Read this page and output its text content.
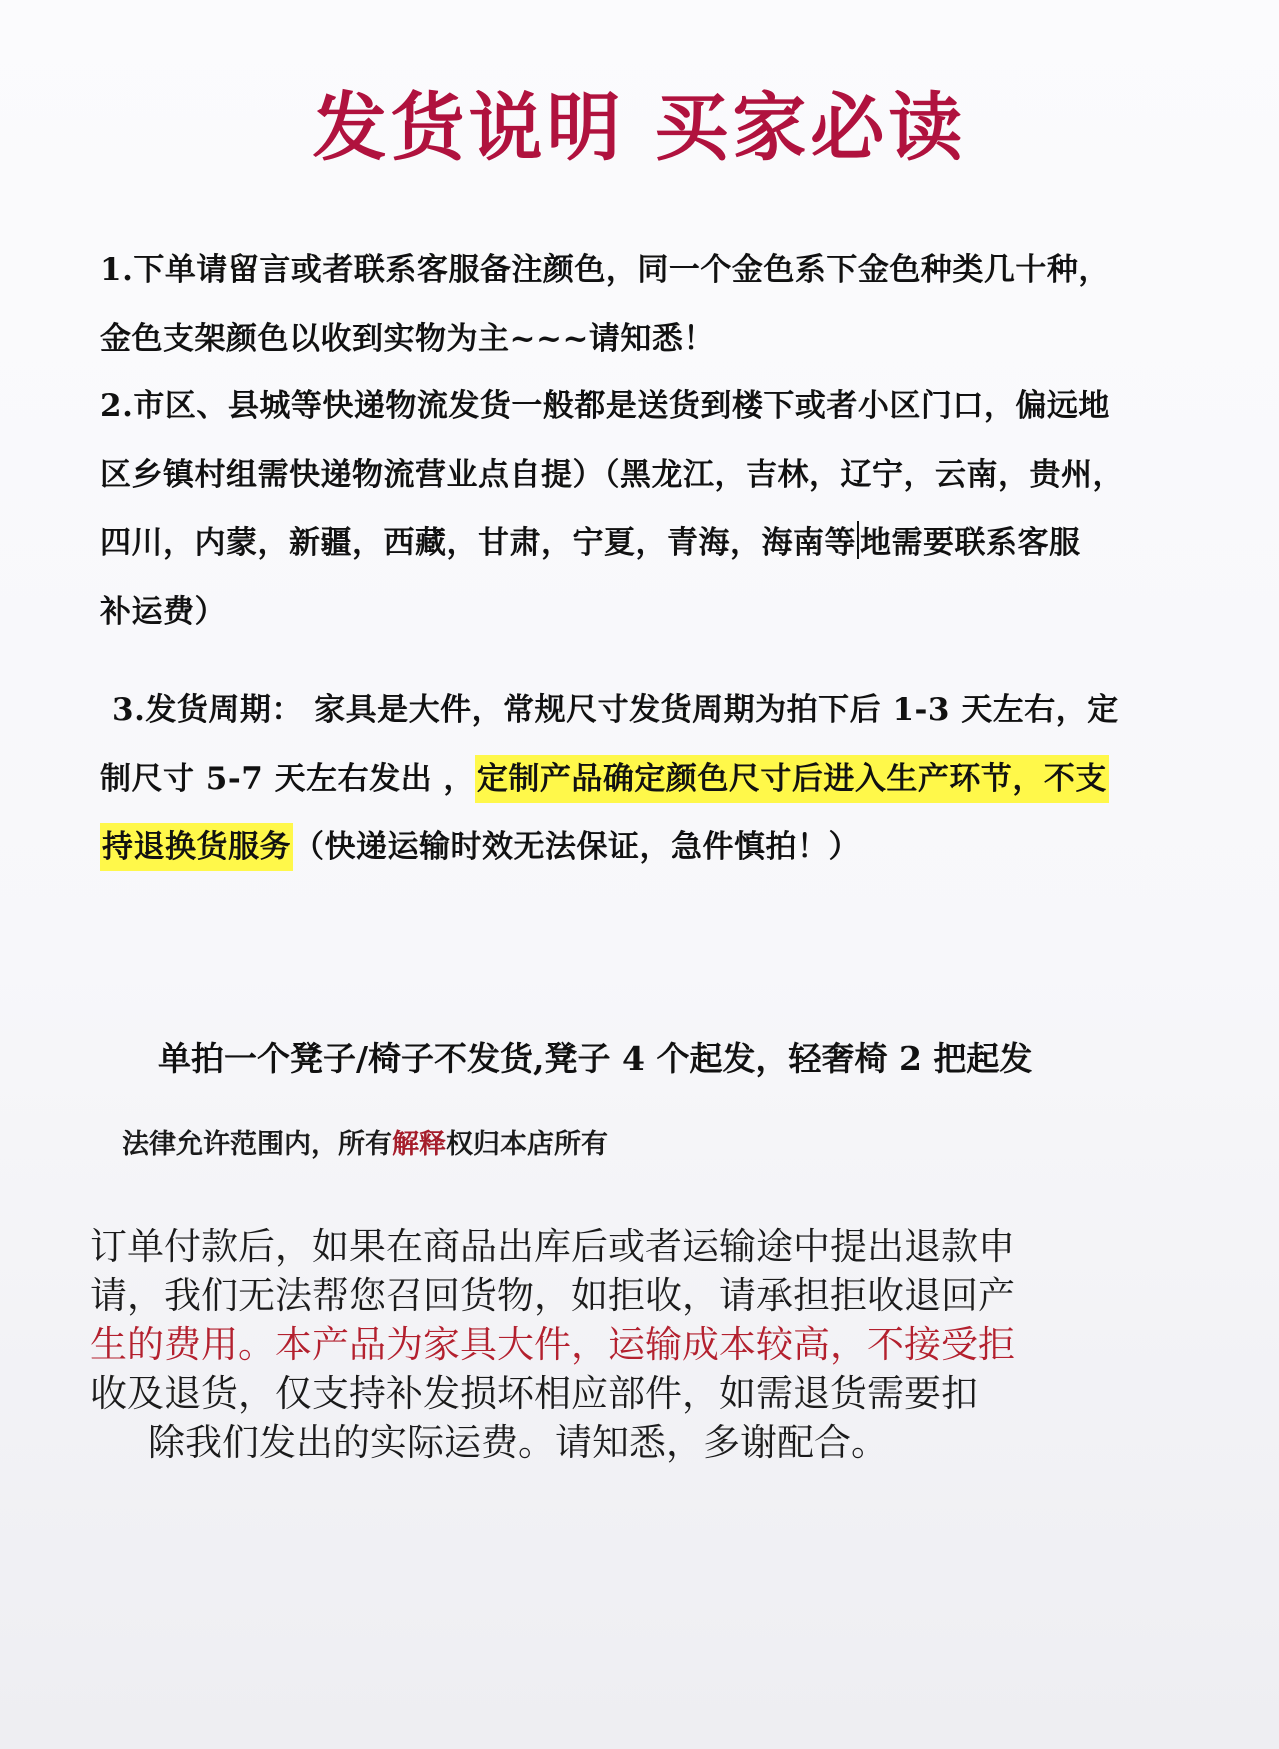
发货说明 买家必读

1.下单请留言或者联系客服备注颜色，同一个金色系下金色种类几十种，

金色支架颜色以收到实物为主~~~请知悉！

2.市区、县城等快递物流发货一般都是送货到楼下或者小区门口，偏远地

区乡镇村组需快递物流营业点自提）（黑龙江，吉林，辽宁，云南，贵州，

四川，内蒙，新疆，西藏，甘肃，宁夏，青海，海南等 地需要联系客服

补运费）

3.发货周期： 家具是大件，常规尺寸发货周期为拍下后 1-3 天左右，定

制尺寸 5-7 天左右发出 ，定制产品确定颜色尺寸后进入生产环节，不支

持退换货服务（快递运输时效无法保证，急件慎拍！）

单拍一个凳子/椅子不发货,凳子 4 个起发，轻奢椅 2 把起发
法律允许范围内，所有解释权归本店所有

订单付款后，如果在商品出库后或者运输途中提出退款申

请，我们无法帮您召回货物，如拒收，请承担拒收退回产

生的费用。本产品为家具大件，运输成本较高，不接受拒

收及退货，仅支持补发损坏相应部件，如需退货需要扣

除我们发出的实际运费。请知悉，多谢配合。
